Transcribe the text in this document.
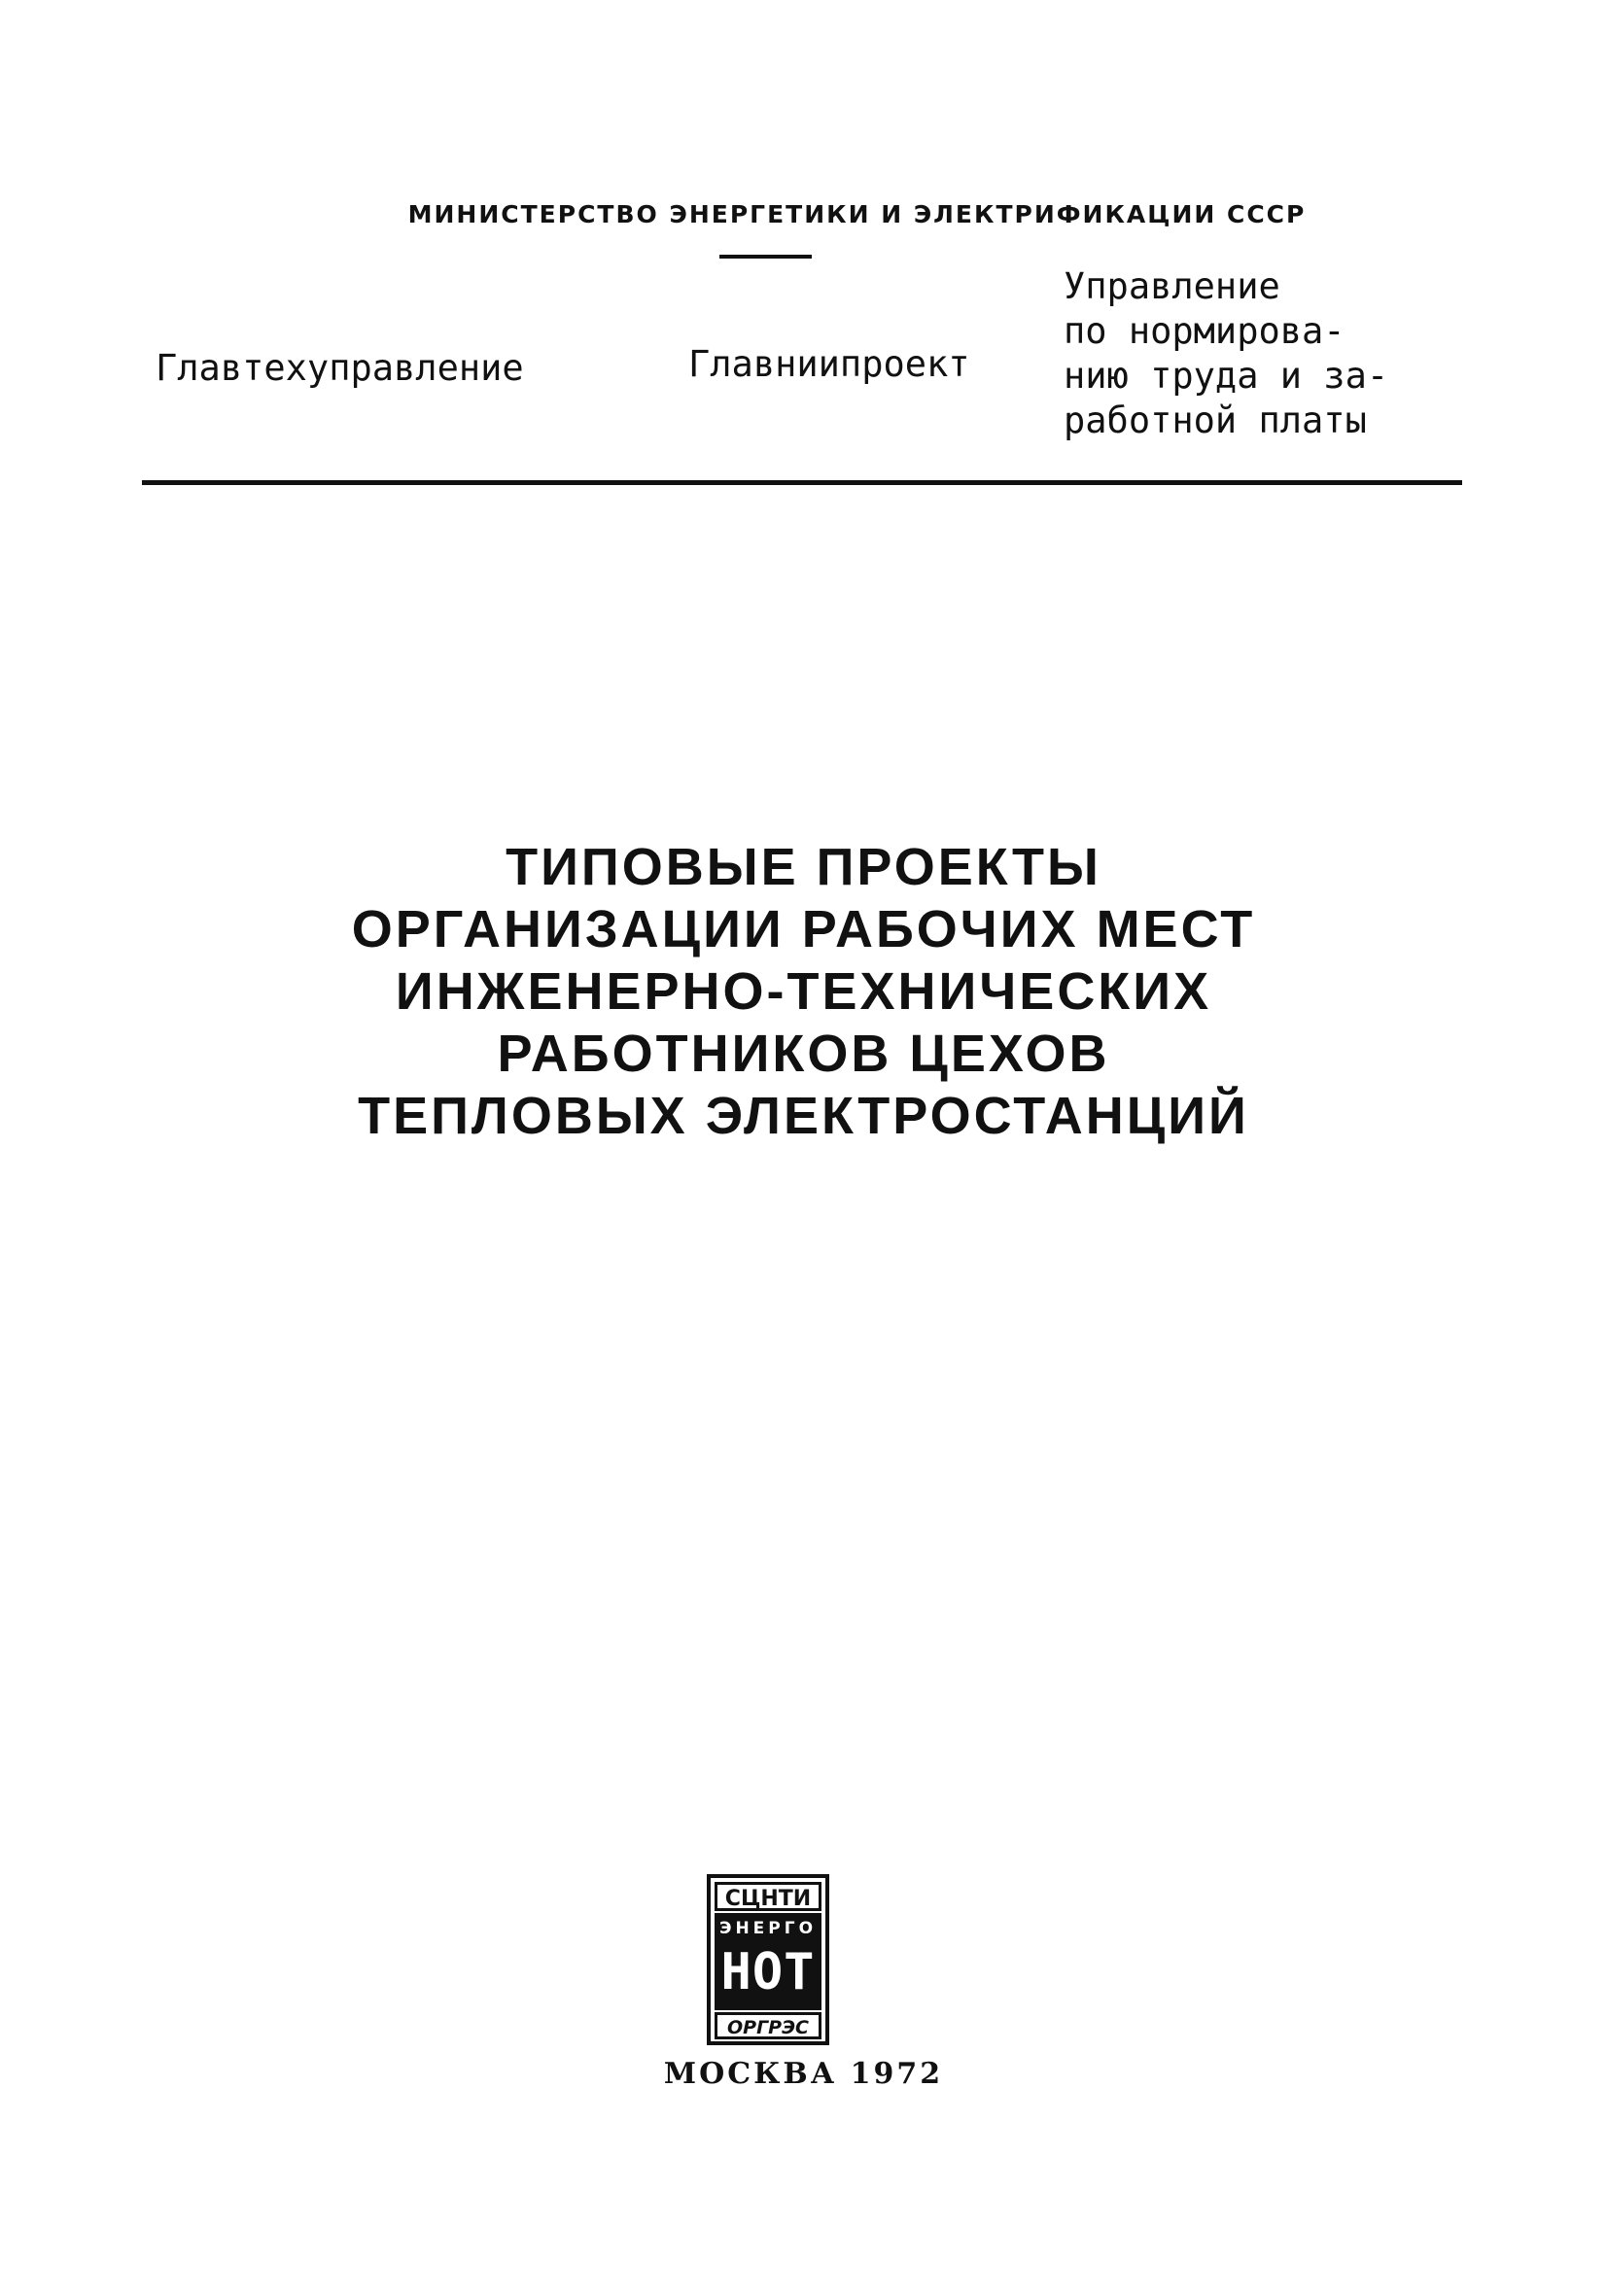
МИНИСТЕРСТВО ЭНЕРГЕТИКИ И ЭЛЕКТРИФИКАЦИИ СССР
Главтехуправление	Главниипроект
Управление
по нормирова-
нию труда и за-
работной платы
ТИПОВЫЕ ПРОЕКТЫ
ОРГАНИЗАЦИИ РАБОЧИХ МЕСТ
ИНЖЕНЕРНО-ТЕХНИЧЕСКИХ
РАБОТНИКОВ ЦЕХОВ
ТЕПЛОВЫХ ЭЛЕКТРОСТАНЦИЙ
СЦНТИ
ЭНЕРГО
НОТ
ОРГРЭС
МОСКВА 1972
